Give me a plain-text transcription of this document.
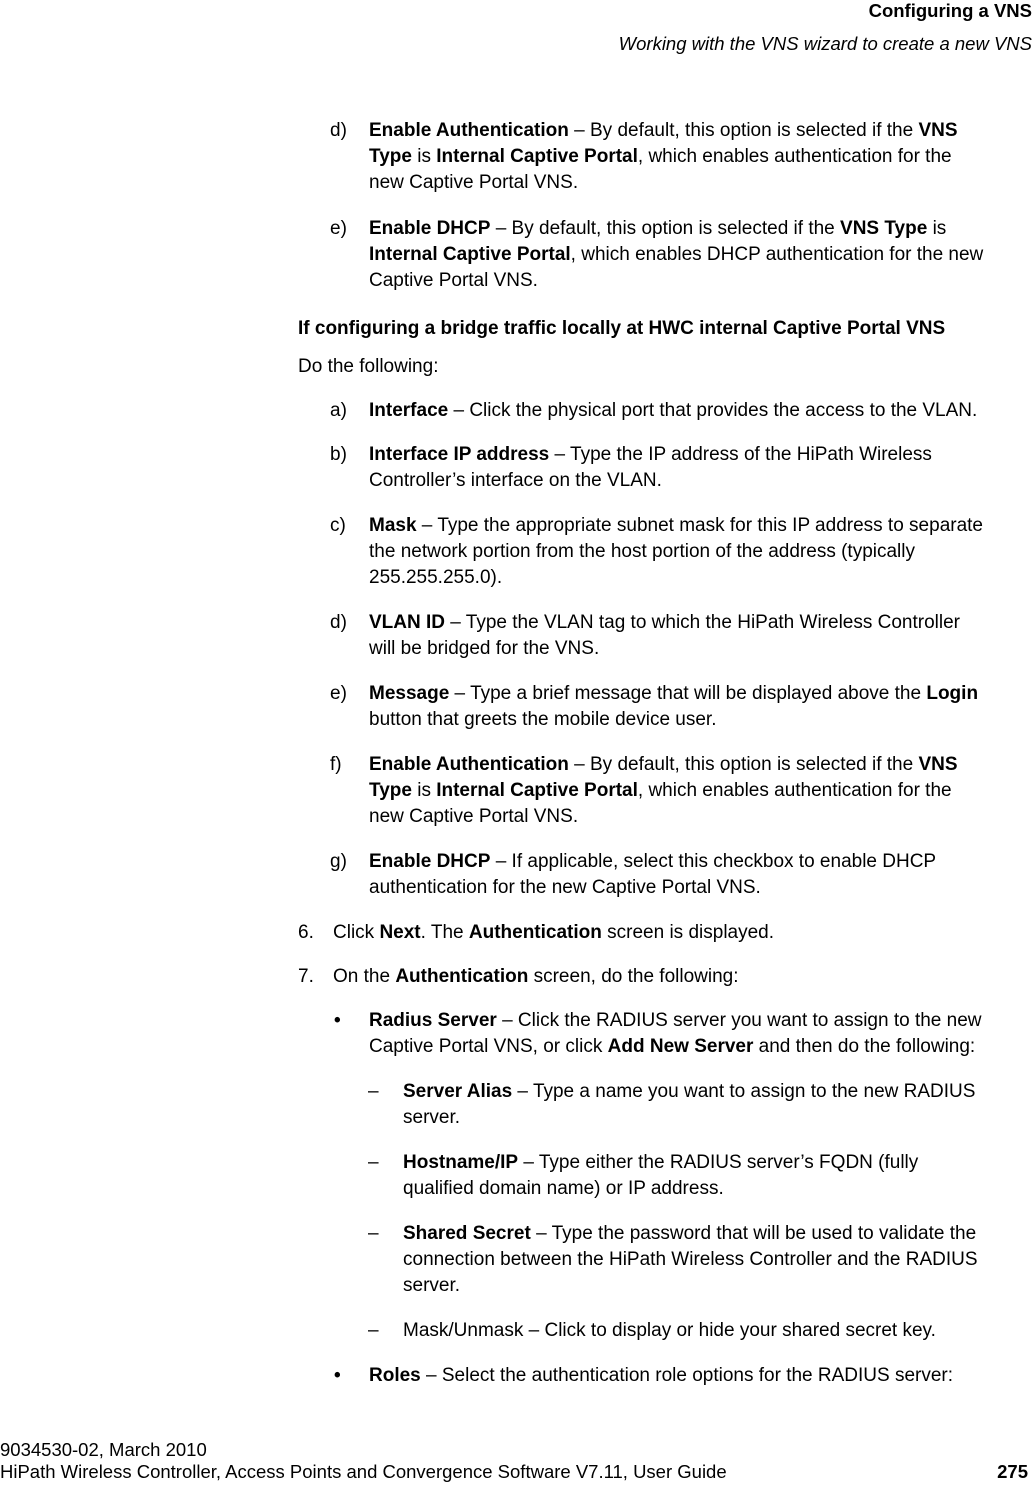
Configuring a VNS
Working with the VNS wizard to create a new VNS
d) Enable Authentication – By default, this option is selected if the VNS
Type is Internal Captive Portal, which enables authentication for the
new Captive Portal VNS.
e) Enable DHCP – By default, this option is selected if the VNS Type is
Internal Captive Portal, which enables DHCP authentication for the new
Captive Portal VNS.
If configuring a bridge traffic locally at HWC internal Captive Portal VNS
Do the following:
a) Interface – Click the physical port that provides the access to the VLAN.
b) Interface IP address – Type the IP address of the HiPath Wireless
Controller’s interface on the VLAN.
c) Mask – Type the appropriate subnet mask for this IP address to separate
the network portion from the host portion of the address (typically
255.255.255.0).
d) VLAN ID – Type the VLAN tag to which the HiPath Wireless Controller
will be bridged for the VNS.
e) Message – Type a brief message that will be displayed above the Login
button that greets the mobile device user.
f) Enable Authentication – By default, this option is selected if the VNS
Type is Internal Captive Portal, which enables authentication for the
new Captive Portal VNS.
g) Enable DHCP – If applicable, select this checkbox to enable DHCP
authentication for the new Captive Portal VNS.
6. Click Next. The Authentication screen is displayed.
7. On the Authentication screen, do the following:
• Radius Server – Click the RADIUS server you want to assign to the new
Captive Portal VNS, or click Add New Server and then do the following:
– Server Alias – Type a name you want to assign to the new RADIUS
server.
– Hostname/IP – Type either the RADIUS server’s FQDN (fully
qualified domain name) or IP address.
– Shared Secret – Type the password that will be used to validate the
connection between the HiPath Wireless Controller and the RADIUS
server.
– Mask/Unmask – Click to display or hide your shared secret key.
• Roles – Select the authentication role options for the RADIUS server:
9034530-02, March 2010
HiPath Wireless Controller, Access Points and Convergence Software V7.11, User Guide	275
